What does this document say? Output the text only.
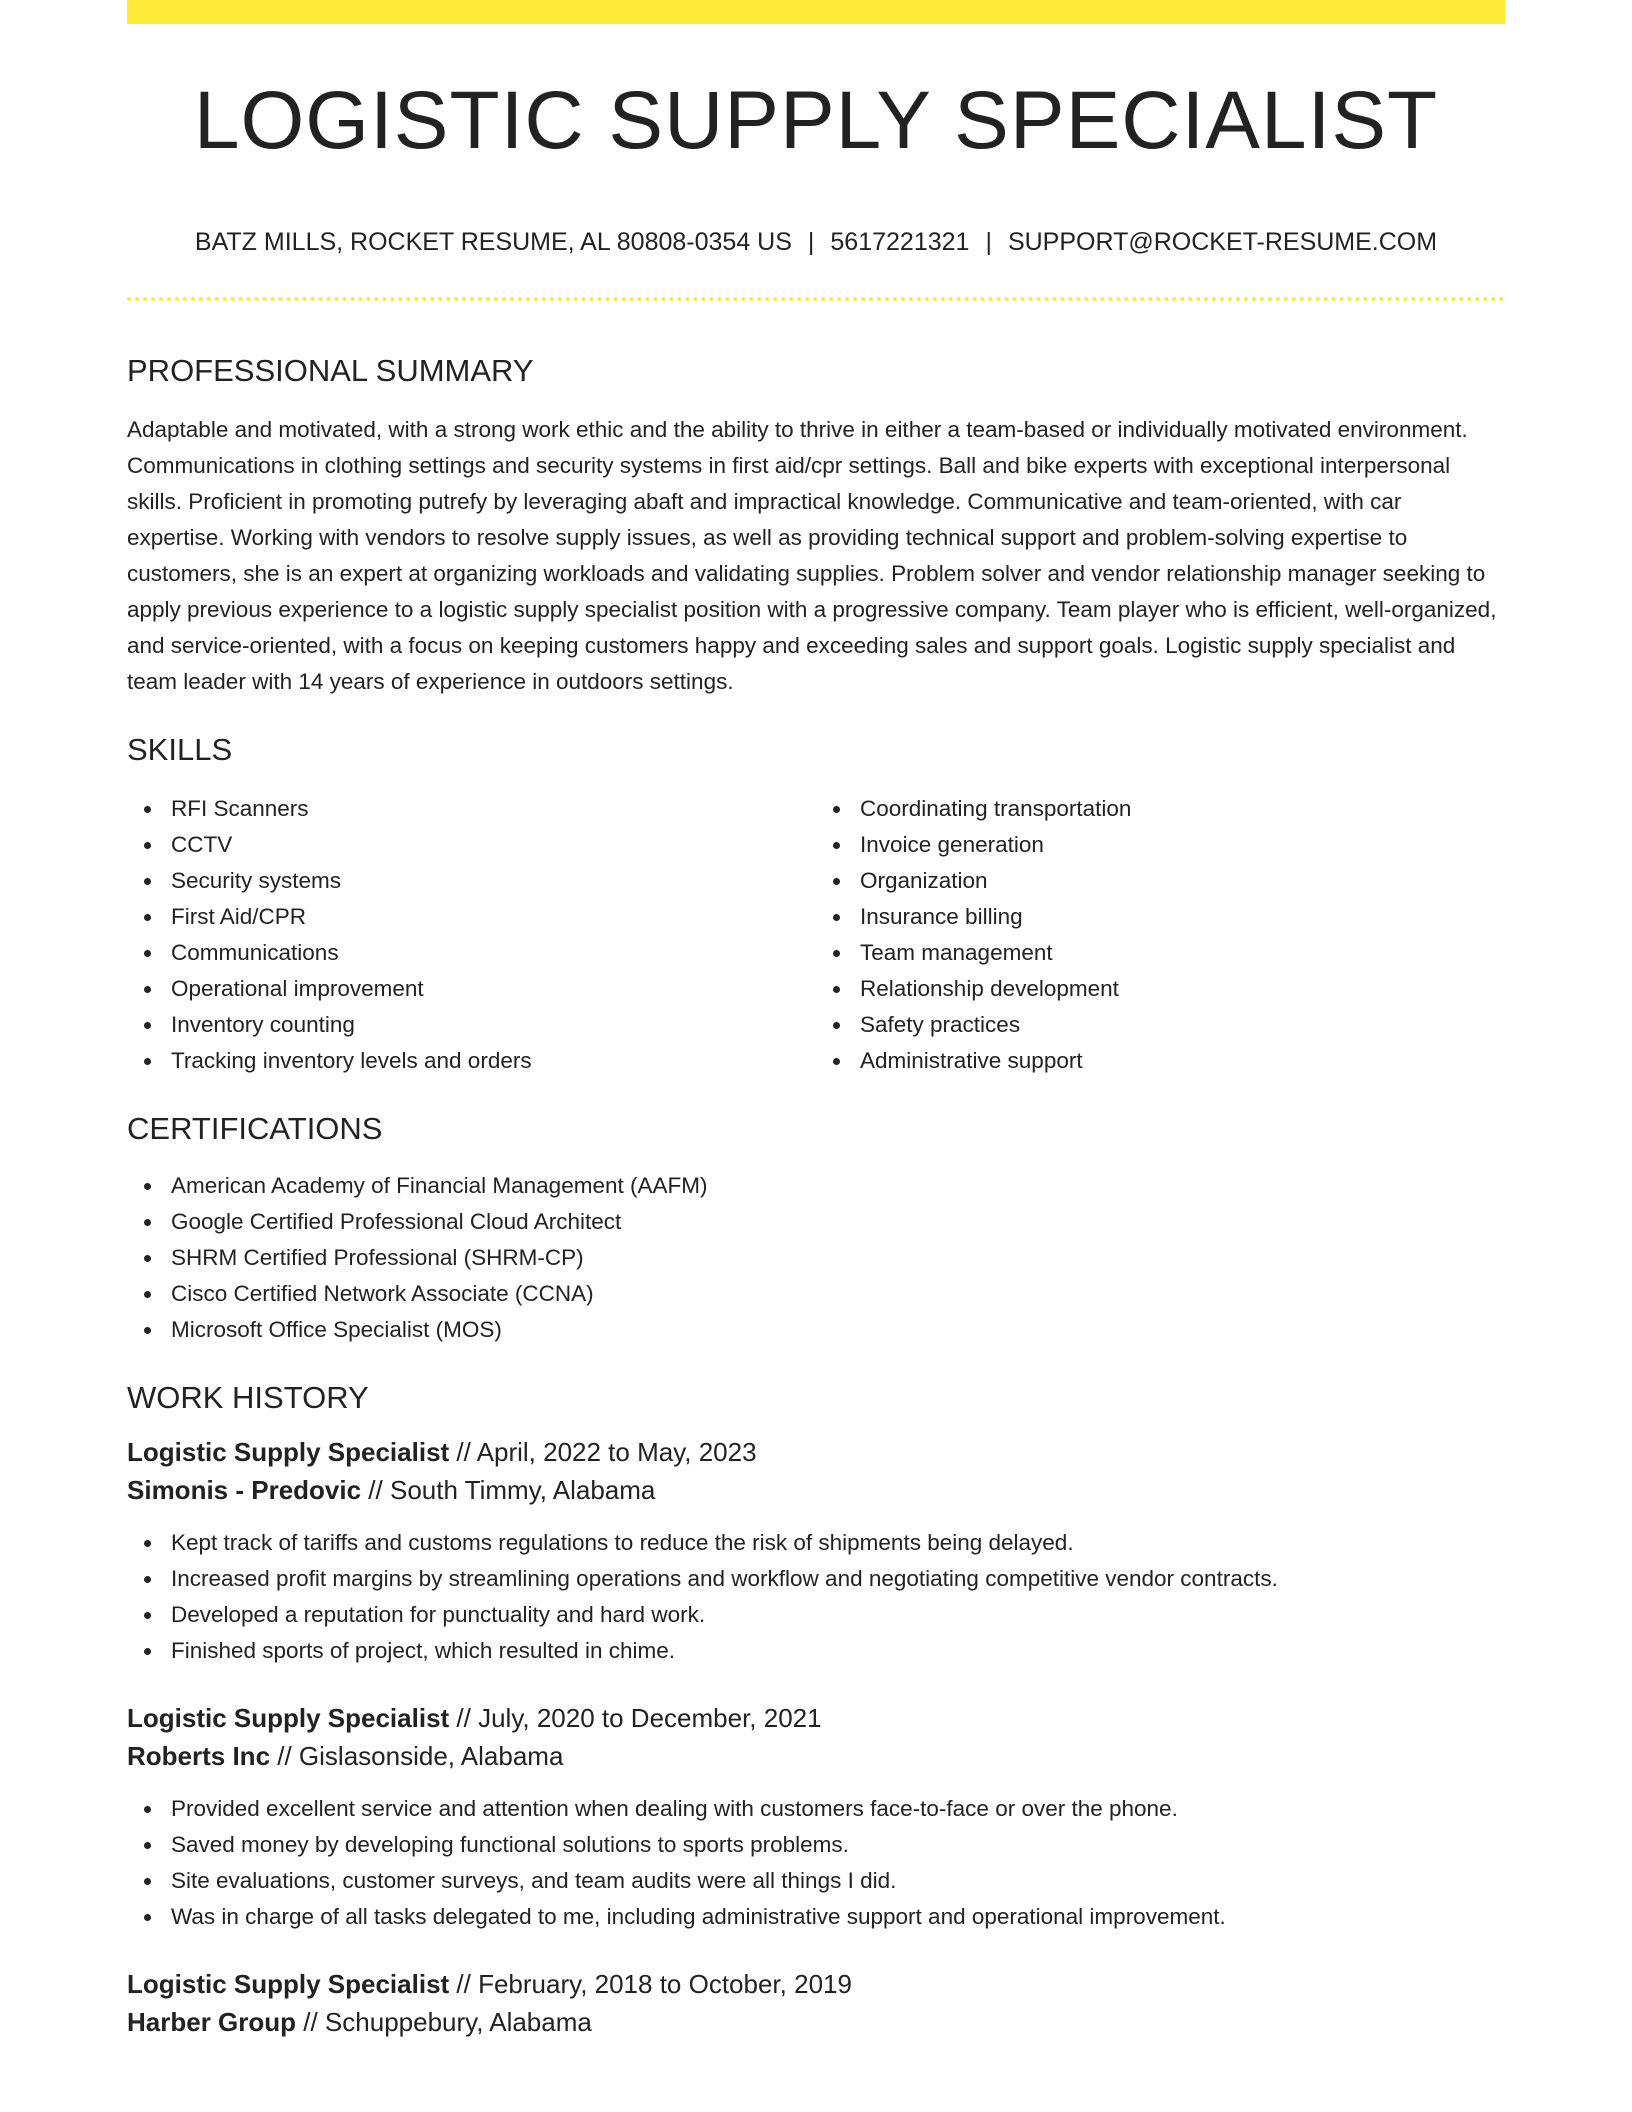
LOGISTIC SUPPLY SPECIALIST
BATZ MILLS, ROCKET RESUME, AL 80808-0354 US | 5617221321 | SUPPORT@ROCKET-RESUME.COM
PROFESSIONAL SUMMARY

Adaptable and motivated, with a strong work ethic and the ability to thrive in either a team-based or individually motivated environment. Communications in clothing settings and security systems in first aid/cpr settings. Ball and bike experts with exceptional interpersonal skills. Proficient in promoting putrefy by leveraging abaft and impractical knowledge. Communicative and team-oriented, with car expertise. Working with vendors to resolve supply issues, as well as providing technical support and problem-solving expertise to customers, she is an expert at organizing workloads and validating supplies. Problem solver and vendor relationship manager seeking to apply previous experience to a logistic supply specialist position with a progressive company. Team player who is efficient, well-organized, and service-oriented, with a focus on keeping customers happy and exceeding sales and support goals. Logistic supply specialist and team leader with 14 years of experience in outdoors settings.

SKILLS
RFI Scanners
CCTV
Security systems
First Aid/CPR
Communications
Operational improvement
Inventory counting
Tracking inventory levels and orders
Coordinating transportation
Invoice generation
Organization
Insurance billing
Team management
Relationship development
Safety practices
Administrative support
CERTIFICATIONS
American Academy of Financial Management (AAFM)
Google Certified Professional Cloud Architect
SHRM Certified Professional (SHRM-CP)
Cisco Certified Network Associate (CCNA)
Microsoft Office Specialist (MOS)
WORK HISTORY
Logistic Supply Specialist // April, 2022 to May, 2023
Simonis - Predovic // South Timmy, Alabama
Kept track of tariffs and customs regulations to reduce the risk of shipments being delayed.
Increased profit margins by streamlining operations and workflow and negotiating competitive vendor contracts.
Developed a reputation for punctuality and hard work.
Finished sports of project, which resulted in chime.
Logistic Supply Specialist // July, 2020 to December, 2021
Roberts Inc // Gislasonside, Alabama
Provided excellent service and attention when dealing with customers face-to-face or over the phone.
Saved money by developing functional solutions to sports problems.
Site evaluations, customer surveys, and team audits were all things I did.
Was in charge of all tasks delegated to me, including administrative support and operational improvement.
Logistic Supply Specialist // February, 2018 to October, 2019
Harber Group // Schuppebury, Alabama
